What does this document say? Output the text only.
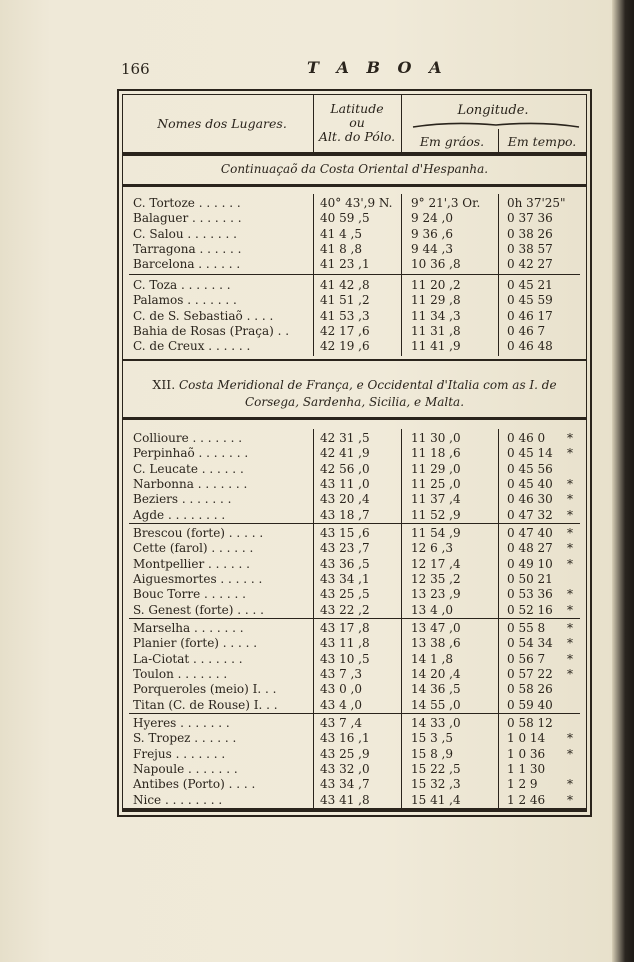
166	T A B O A
Nomes dos Lugares.
Latitude
ou
Alt. do Pólo.
Longitude.
Em gráos.	Em tempo.
Continuaçaõ da Costa Oriental d'Hespanha.
C. Tortoze . . . . . .	40° 43',9 N.	9° 21',3 Or.	0h 37'25"
Balaguer . . . . . . .	40 59 ,5	9 24 ,0	0 37 36
C. Salou . . . . . . .	41 4 ,5	9 36 ,6	0 38 26
Tarragona . . . . . .	41 8 ,8	9 44 ,3	0 38 57
Barcelona . . . . . .	41 23 ,1	10 36 ,8	0 42 27
C. Toza . . . . . . .	41 42 ,8	11 20 ,2	0 45 21
Palamos . . . . . . .	41 51 ,2	11 29 ,8	0 45 59
C. de S. Sebastiaõ . . . .	41 53 ,3	11 34 ,3	0 46 17
Bahia de Rosas (Praça) . .	42 17 ,6	11 31 ,8	0 46 7
C. de Creux . . . . . .	42 19 ,6	11 41 ,9	0 46 48
XII. Costa Meridional de França, e Occidental d'Italia com as I. de
Corsega, Sardenha, Sicilia, e Malta.
Collioure . . . . . . .	42 31 ,5	11 30 ,0	0 46 0	*
Perpinhaõ . . . . . . .	42 41 ,9	11 18 ,6	0 45 14	*
C. Leucate . . . . . .	42 56 ,0	11 29 ,0	0 45 56
Narbonna . . . . . . .	43 11 ,0	11 25 ,0	0 45 40	*
Beziers . . . . . . .	43 20 ,4	11 37 ,4	0 46 30	*
Agde . . . . . . . .	43 18 ,7	11 52 ,9	0 47 32	*
Brescou (forte) . . . . .	43 15 ,6	11 54 ,9	0 47 40	*
Cette (farol) . . . . . .	43 23 ,7	12 6 ,3	0 48 27	*
Montpellier . . . . . .	43 36 ,5	12 17 ,4	0 49 10	*
Aiguesmortes . . . . . .	43 34 ,1	12 35 ,2	0 50 21
Bouc Torre . . . . . .	43 25 ,5	13 23 ,9	0 53 36	*
S. Genest (forte) . . . .	43 22 ,2	13 4 ,0	0 52 16	*
Marselha . . . . . . .	43 17 ,8	13 47 ,0	0 55 8	*
Planier (forte) . . . . .	43 11 ,8	13 38 ,6	0 54 34	*
La-Ciotat . . . . . . .	43 10 ,5	14 1 ,8	0 56 7	*
Toulon . . . . . . .	43 7 ,3	14 20 ,4	0 57 22	*
Porqueroles (meio) I. . .	43 0 ,0	14 36 ,5	0 58 26
Titan (C. de Rouse) I. . .	43 4 ,0	14 55 ,0	0 59 40
Hyeres . . . . . . .	43 7 ,4	14 33 ,0	0 58 12
S. Tropez . . . . . .	43 16 ,1	15 3 ,5	1 0 14	*
Frejus . . . . . . .	43 25 ,9	15 8 ,9	1 0 36	*
Napoule . . . . . . .	43 32 ,0	15 22 ,5	1 1 30
Antibes (Porto) . . . .	43 34 ,7	15 32 ,3	1 2 9	*
Nice . . . . . . . .	43 41 ,8	15 41 ,4	1 2 46	*
